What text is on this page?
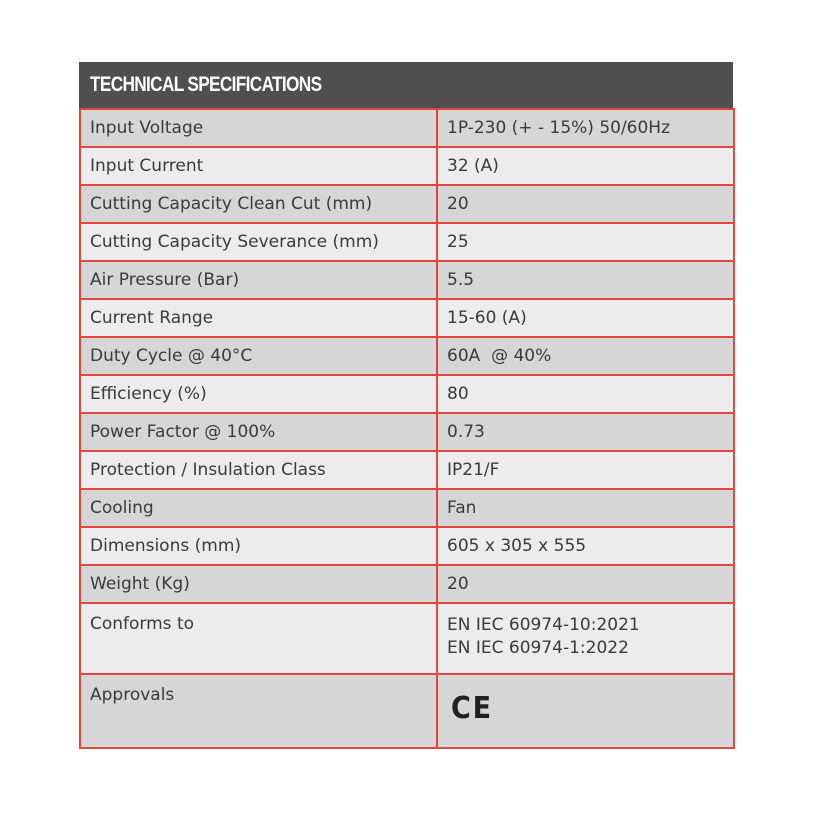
TECHNICAL SPECIFICATIONS
Input Voltage	1P-230 (+ - 15%) 50/60Hz
Input Current	32 (A)
Cutting Capacity Clean Cut (mm)	20
Cutting Capacity Severance (mm)	25
Air Pressure (Bar)	5.5
Current Range	15-60 (A)
Duty Cycle @ 40°C	60A  @ 40%
Efficiency (%)	80
Power Factor @ 100%	0.73
Protection / Insulation Class	IP21/F
Cooling	Fan
Dimensions (mm)	605 x 305 x 555
Weight (Kg)	20
Conforms to	EN IEC 60974-10:2021
EN IEC 60974-1:2022

Approvals	CE
